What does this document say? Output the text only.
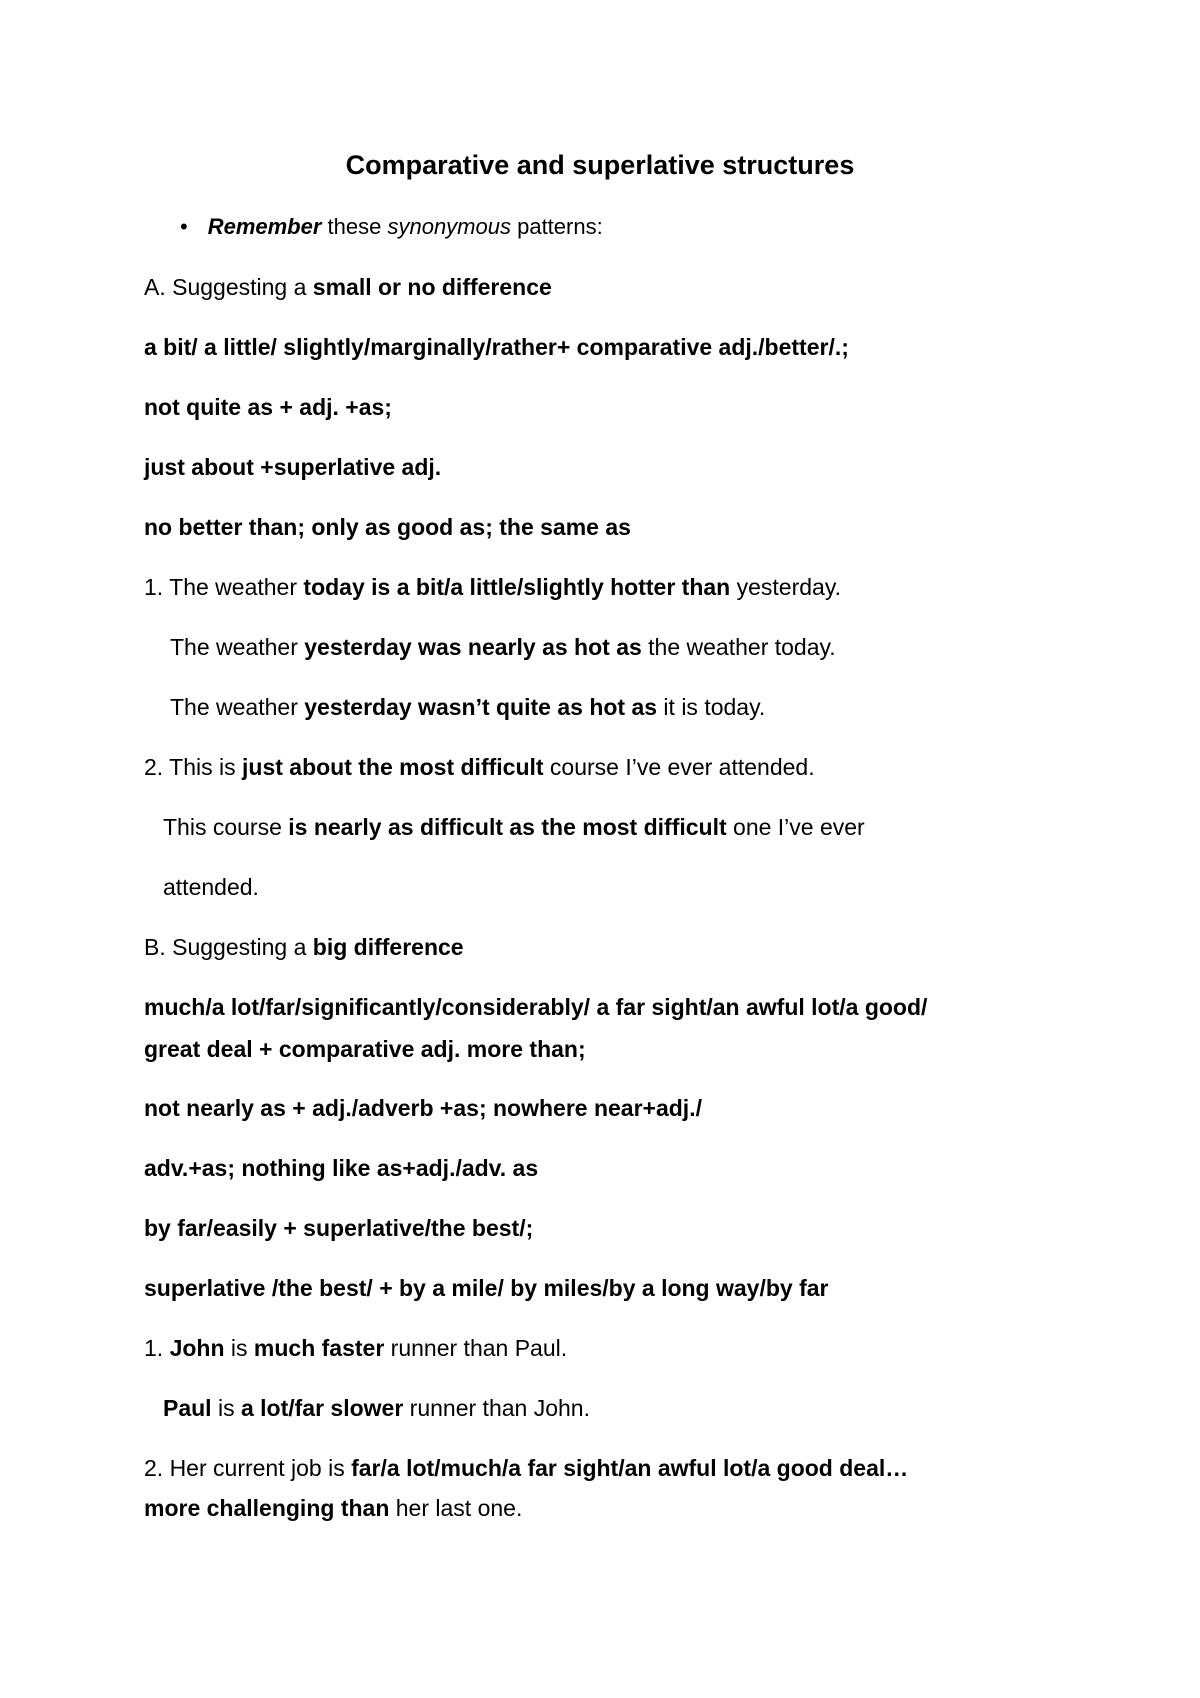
Comparative and superlative structures
• Remember these synonymous patterns:
A. Suggesting a small or no difference
a bit/ a little/ slightly/marginally/rather+ comparative adj./better/.;
not quite as + adj. +as;
just about +superlative adj.
no better than; only as good as; the same as
1. The weather today is a bit/a little/slightly hotter than yesterday.
The weather yesterday was nearly as hot as the weather today.
The weather yesterday wasn’t quite as hot as it is today.
2. This is just about the most difficult course I’ve ever attended.
This course is nearly as difficult as the most difficult one I’ve ever
attended.
B. Suggesting a big difference
much/a lot/far/significantly/considerably/ a far sight/an awful lot/a good/
great deal + comparative adj. more than;
not nearly as + adj./adverb +as; nowhere near+adj./
adv.+as; nothing like as+adj./adv. as
by far/easily + superlative/the best/;
superlative /the best/ + by a mile/ by miles/by a long way/by far
1. John is much faster runner than Paul.
Paul is a lot/far slower runner than John.
2. Her current job is far/a lot/much/a far sight/an awful lot/a good deal…
more challenging than her last one.
